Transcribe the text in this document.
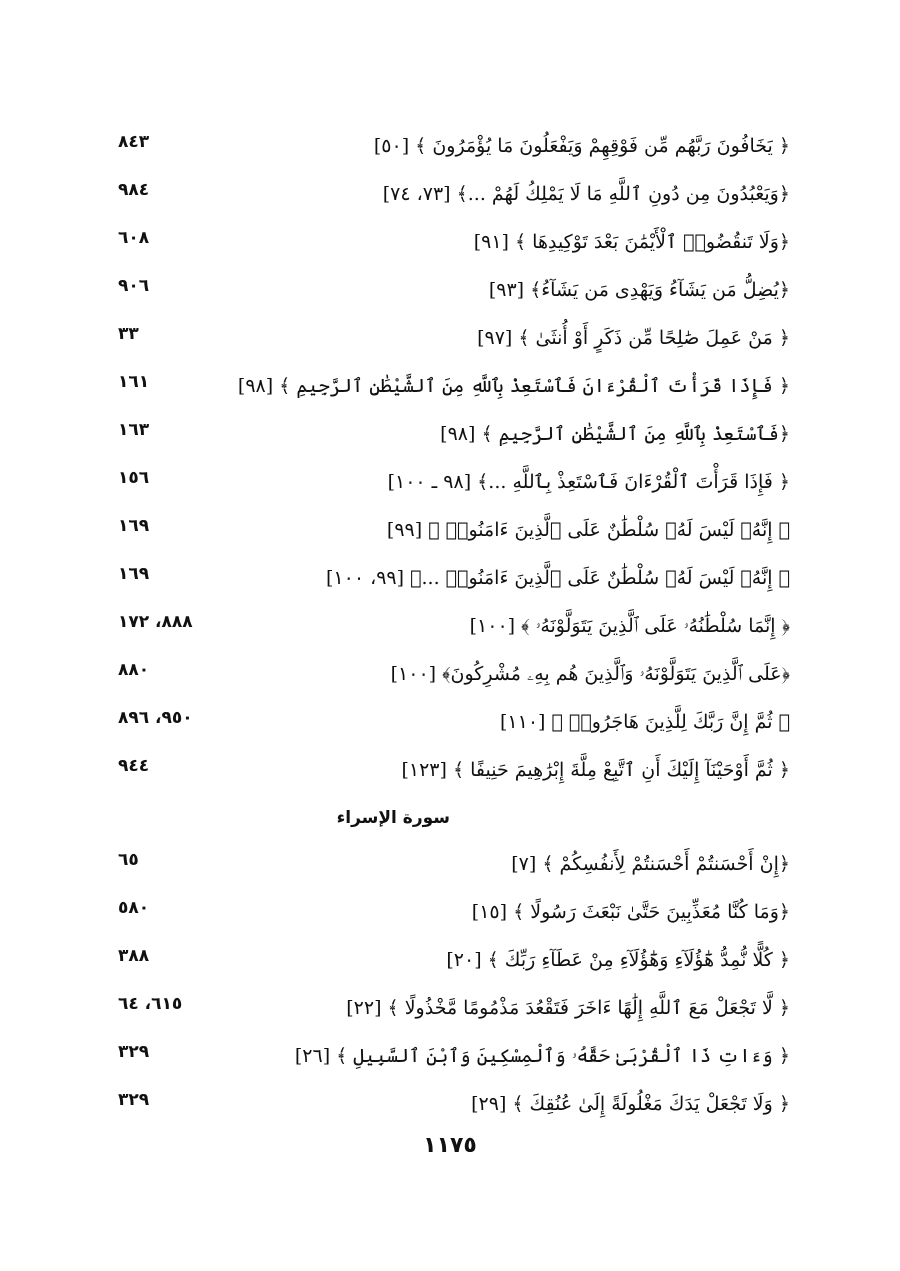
﴿ يَخَافُونَ رَبَّهُم مِّن فَوْقِهِمْ وَيَفْعَلُونَ مَا يُؤْمَرُونَ ﴾ [٥٠]
٨٤٣
﴿وَيَعْبُدُونَ مِن دُونِ ٱللَّهِ مَا لَا يَمْلِكُ لَهُمْ ...﴾ [٧٣، ٧٤]
٩٨٤
﴿وَلَا تَنقُضُوا۟ ٱلْأَيْمَٰنَ بَعْدَ تَوْكِيدِهَا ﴾ [٩١]
٦٠٨
﴿يُضِلُّ مَن يَشَآءُ وَيَهْدِى مَن يَشَآءُ﴾ [٩٣]
٩٠٦
﴿ مَنْ عَمِلَ صَٰلِحًا مِّن ذَكَرٍ أَوْ أُنثَىٰ ﴾ [٩٧]
٣٣
﴿ فَإِذَا قَرَأْتَ ٱلْقُرْءَانَ فَٱسْتَعِذْ بِٱللَّهِ مِنَ ٱلشَّيْطَٰنِ ٱلرَّجِيمِ ﴾ [٩٨]
١٦١
﴿فَٱسْتَعِذْ بِٱللَّهِ مِنَ ٱلشَّيْطَٰنِ ٱلرَّجِيمِ ﴾ [٩٨]
١٦٣
﴿ فَإِذَا قَرَأْتَ ٱلْقُرْءَانَ فَٱسْتَعِذْ بِٱللَّهِ ...﴾ [٩٨ ـ ١٠٠]
١٥٦
﴿ إِنَّهُۥ لَيْسَ لَهُۥ سُلْطَٰنٌ عَلَى ٱلَّذِينَ ءَامَنُوا۟ ﴾ [٩٩]
١٦٩
﴿ إِنَّهُۥ لَيْسَ لَهُۥ سُلْطَٰنٌ عَلَى ٱلَّذِينَ ءَامَنُوا۟ ...﴾ [٩٩، ١٠٠]
١٦٩
﴿ إِنَّمَا سُلْطَٰنُهُۥ عَلَى ٱلَّذِينَ يَتَوَلَّوْنَهُۥ ﴾ [١٠٠]
٨٨٨، ١٧٢
﴿عَلَى ٱلَّذِينَ يَتَوَلَّوْنَهُۥ وَٱلَّذِينَ هُم بِهِۦ مُشْرِكُونَ﴾ [١٠٠]
٨٨٠
﴿ ثُمَّ إِنَّ رَبَّكَ لِلَّذِينَ هَاجَرُوا۟ ﴾ [١١٠]
٩٥٠، ٨٩٦
﴿ ثُمَّ أَوْحَيْنَآ إِلَيْكَ أَنِ ٱتَّبِعْ مِلَّةَ إِبْرَٰهِيمَ حَنِيفًا ﴾ [١٢٣]
٩٤٤
سورة الإسراء
﴿إِنْ أَحْسَنتُمْ أَحْسَنتُمْ لِأَنفُسِكُمْ ﴾ [٧]
٦٥
﴿وَمَا كُنَّا مُعَذِّبِينَ حَتَّىٰ نَبْعَثَ رَسُولًا ﴾ [١٥]
٥٨٠
﴿ كُلًّا نُّمِدُّ هَٰٓؤُلَآءِ وَهَٰٓؤُلَآءِ مِنْ عَطَآءِ رَبِّكَ ﴾ [٢٠]
٣٨٨
﴿ لَّا تَجْعَلْ مَعَ ٱللَّهِ إِلَٰهًا ءَاخَرَ فَتَقْعُدَ مَذْمُومًا مَّخْذُولًا ﴾ [٢٢]
٦١٥، ٦٤
﴿ وَءَاتِ ذَا ٱلْقُرْبَىٰ حَقَّهُۥ وَٱلْمِسْكِينَ وَٱبْنَ ٱلسَّبِيلِ ﴾ [٢٦]
٣٢٩
﴿ وَلَا تَجْعَلْ يَدَكَ مَغْلُولَةً إِلَىٰ عُنُقِكَ ﴾ [٢٩]
٣٢٩
١١٧٥
